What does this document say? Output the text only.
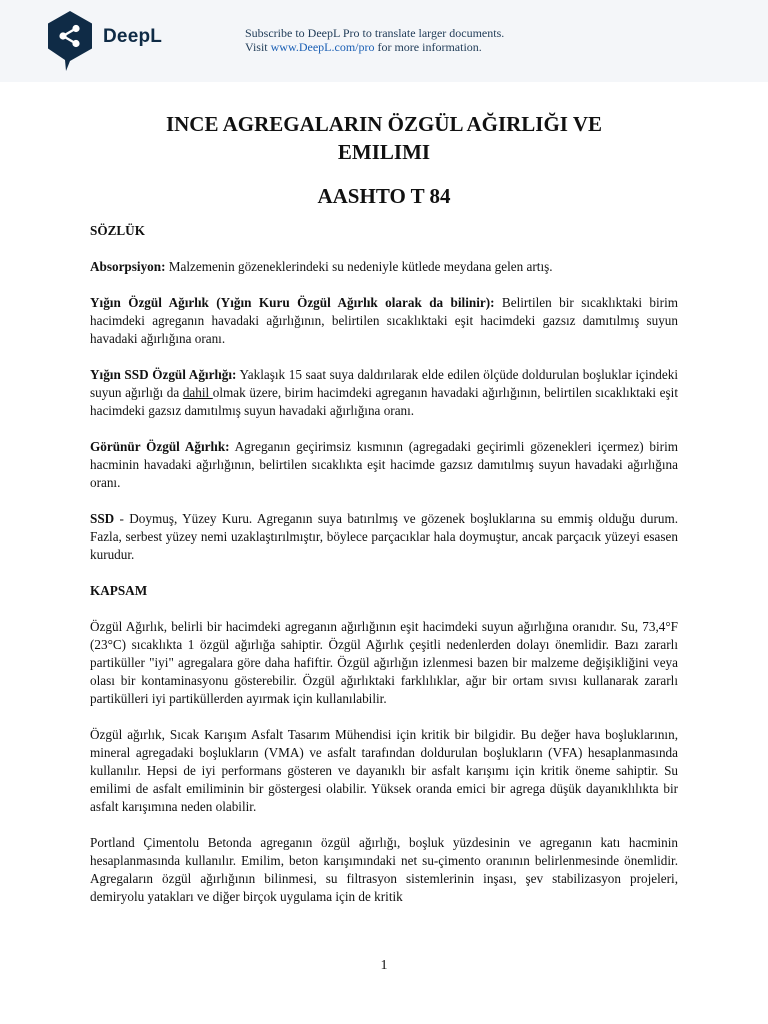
DeepL	Subscribe to DeepL Pro to translate larger documents.
Visit www.DeepL.com/pro for more information.
INCE AGREGALARIN ÖZGÜL AĞIRLIĞI VE EMILIMI
AASHTO T 84
SÖZLÜK

Absorpsiyon: Malzemenin gözeneklerindeki su nedeniyle kütlede meydana gelen artış.

Yığın Özgül Ağırlık (Yığın Kuru Özgül Ağırlık olarak da bilinir): Belirtilen bir sıcaklıktaki birim hacimdeki agreganın havadaki ağırlığının, belirtilen sıcaklıktaki eşit hacimdeki gazsız damıtılmış suyun havadaki ağırlığına oranı.

Yığın SSD Özgül Ağırlığı: Yaklaşık 15 saat suya daldırılarak elde edilen ölçüde doldurulan boşluklar içindeki suyun ağırlığı da dahil olmak üzere, birim hacimdeki agreganın havadaki ağırlığının, belirtilen sıcaklıktaki eşit hacimdeki gazsız damıtılmış suyun havadaki ağırlığına oranı.

Görünür Özgül Ağırlık: Agreganın geçirimsiz kısmının (agregadaki geçirimli gözenekleri içermez) birim hacminin havadaki ağırlığının, belirtilen sıcaklıkta eşit hacimde gazsız damıtılmış suyun havadaki ağırlığına oranı.

SSD - Doymuş, Yüzey Kuru. Agreganın suya batırılmış ve gözenek boşluklarına su emmiş olduğu durum. Fazla, serbest yüzey nemi uzaklaştırılmıştır, böylece parçacıklar hala doymuştur, ancak parçacık yüzeyi esasen kurudur.

KAPSAM

Özgül Ağırlık, belirli bir hacimdeki agreganın ağırlığının eşit hacimdeki suyun ağırlığına oranıdır. Su, 73,4°F (23°C) sıcaklıkta 1 özgül ağırlığa sahiptir. Özgül Ağırlık çeşitli nedenlerden dolayı önemlidir. Bazı zararlı partiküller "iyi" agregalara göre daha hafiftir. Özgül ağırlığın izlenmesi bazen bir malzeme değişikliğini veya olası bir kontaminasyonu gösterebilir. Özgül ağırlıktaki farklılıklar, ağır bir ortam sıvısı kullanarak zararlı partikülleri iyi partiküllerden ayırmak için kullanılabilir.

Özgül ağırlık, Sıcak Karışım Asfalt Tasarım Mühendisi için kritik bir bilgidir. Bu değer hava boşluklarının, mineral agregadaki boşlukların (VMA) ve asfalt tarafından doldurulan boşlukların (VFA) hesaplanmasında kullanılır. Hepsi de iyi performans gösteren ve dayanıklı bir asfalt karışımı için kritik öneme sahiptir. Su emilimi de asfalt emiliminin bir göstergesi olabilir. Yüksek oranda emici bir agrega düşük dayanıklılıkta bir asfalt karışımına neden olabilir.

Portland Çimentolu Betonda agreganın özgül ağırlığı, boşluk yüzdesinin ve agreganın katı hacminin hesaplanmasında kullanılır. Emilim, beton karışımındaki net su-çimento oranının belirlenmesinde önemlidir. Agregaların özgül ağırlığının bilinmesi, su filtrasyon sistemlerinin inşası, şev stabilizasyon projeleri, demiryolu yatakları ve diğer birçok uygulama için de kritik

1
